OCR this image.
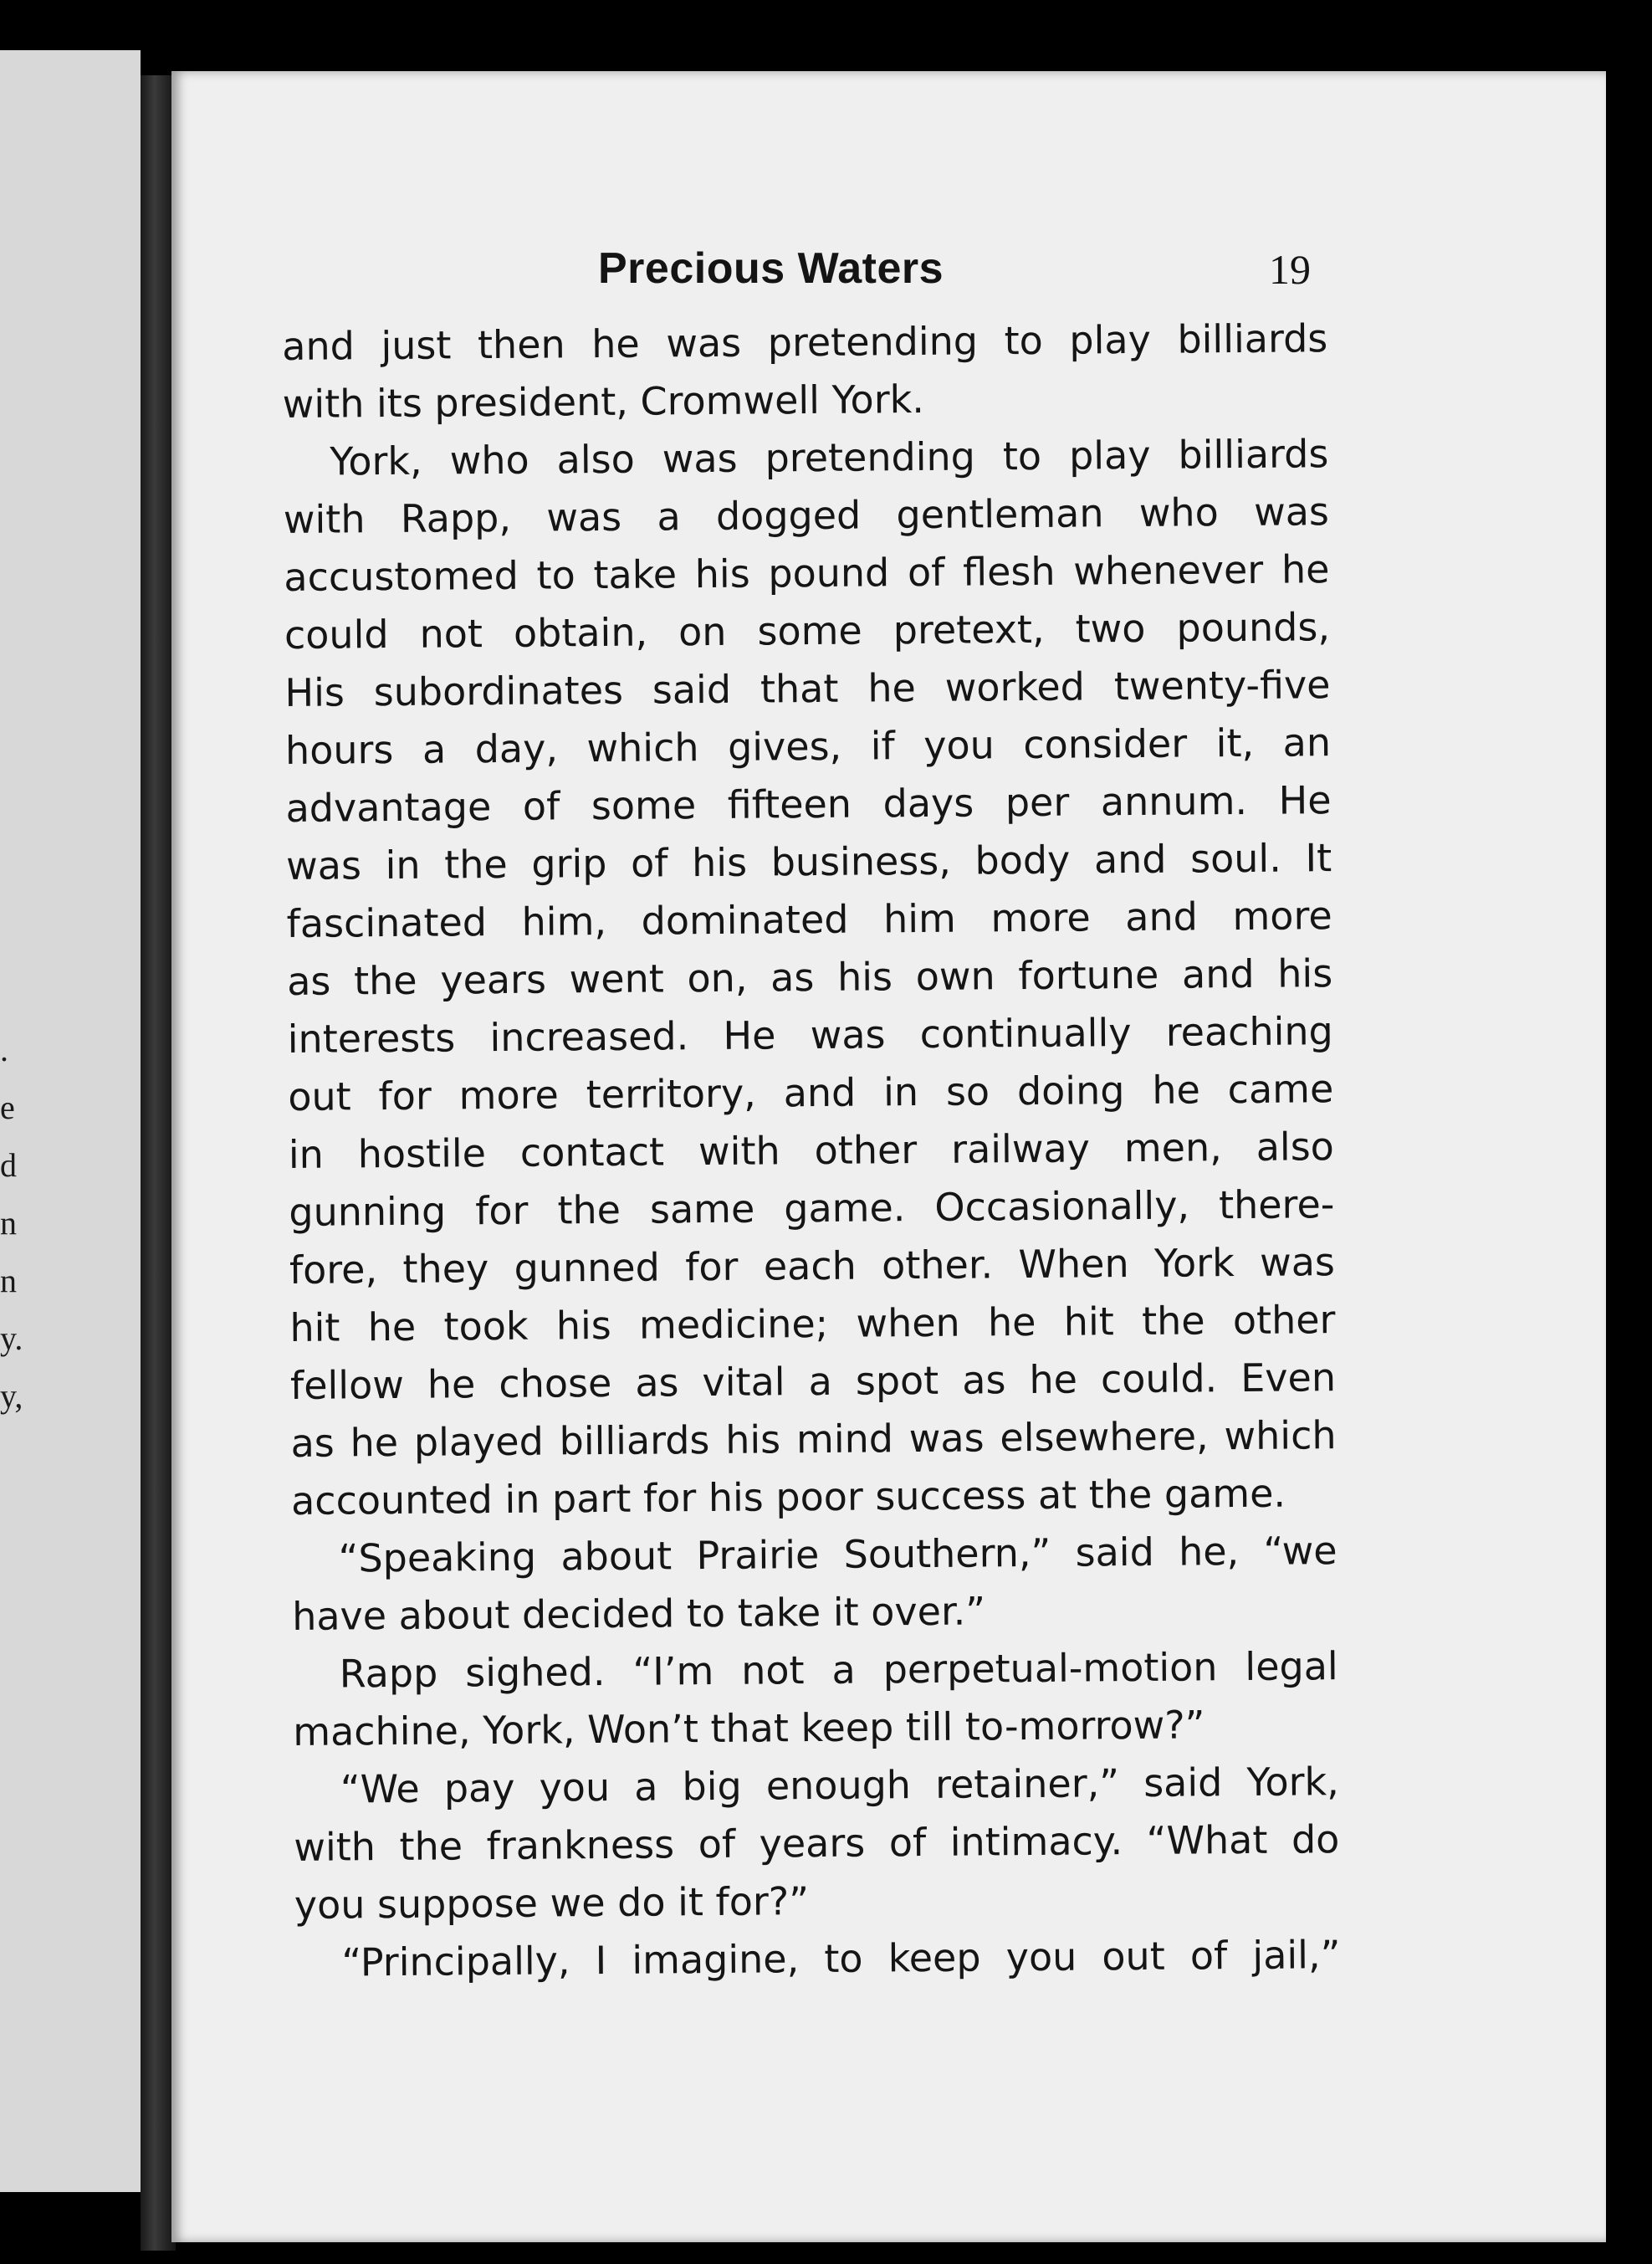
.
e
d
n
n
y.
y,
Precious Waters	19
and just then he was pretending to play billiards
with its president, Cromwell York.
York, who also was pretending to play billiards
with Rapp, was a dogged gentleman who was
accustomed to take his pound of flesh whenever he
could not obtain, on some pretext, two pounds,
His subordinates said that he worked twenty-five
hours a day, which gives, if you consider it, an
advantage of some fifteen days per annum. He
was in the grip of his business, body and soul. It
fascinated him, dominated him more and more
as the years went on, as his own fortune and his
interests increased. He was continually reaching
out for more territory, and in so doing he came
in hostile contact with other railway men, also
gunning for the same game. Occasionally, there-
fore, they gunned for each other. When York was
hit he took his medicine; when he hit the other
fellow he chose as vital a spot as he could. Even
as he played billiards his mind was elsewhere, which
accounted in part for his poor success at the game.
“Speaking about Prairie Southern,” said he, “we
have about decided to take it over.”
Rapp sighed. “I’m not a perpetual-motion legal
machine, York, Won’t that keep till to-morrow?”
“We pay you a big enough retainer,” said York,
with the frankness of years of intimacy. “What do
you suppose we do it for?”
“Principally, I imagine, to keep you out of jail,”
